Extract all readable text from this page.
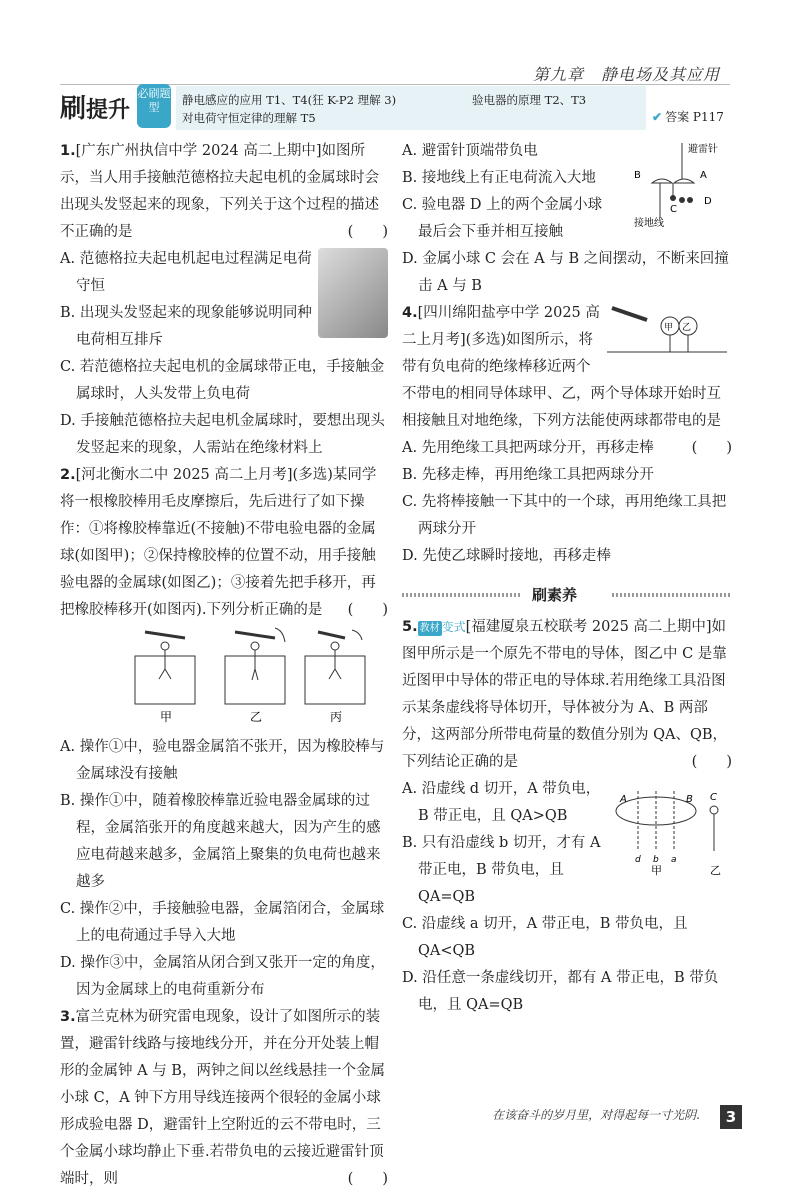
第九章　静电场及其应用
刷提升
必刷题型
静电感应的应用 T1、T4(狂 K-P2 理解 3)
对电荷守恒定律的理解 T5
验电器的原理 T2、T3
✔ 答案 P117

1.[广东广州执信中学 2024 高二上期中]如图所示，当人用手接触范德格拉夫起电机的金属球时会出现头发竖起来的现象，下列关于这个过程的描述不正确的是	(　　)

A. 范德格拉夫起电机起电过程满足电荷守恒

B. 出现头发竖起来的现象能够说明同种电荷相互排斥

C. 若范德格拉夫起电机的金属球带正电，手接触金属球时，人头发带上负电荷

D. 手接触范德格拉夫起电机金属球时，要想出现头发竖起来的现象，人需站在绝缘材料上

2.[河北衡水二中 2025 高二上月考](多选)某同学将一根橡胶棒用毛皮摩擦后，先后进行了如下操作：①将橡胶棒靠近(不接触)不带电验电器的金属球(如图甲)；②保持橡胶棒的位置不动，用手接触验电器的金属球(如图乙)；③接着先把手移开，再把橡胶棒移开(如图丙).下列分析正确的是 (　　)

甲	乙	丙

A. 操作①中，验电器金属箔不张开，因为橡胶棒与金属球没有接触

B. 操作①中，随着橡胶棒靠近验电器金属球的过程，金属箔张开的角度越来越大，因为产生的感应电荷越来越多，金属箔上聚集的负电荷也越来越多

C. 操作②中，手接触验电器，金属箔闭合，金属球上的电荷通过手导入大地

D. 操作③中，金属箔从闭合到又张开一定的角度，因为金属球上的电荷重新分布

3.富兰克林为研究雷电现象，设计了如图所示的装置，避雷针线路与接地线分开，并在分开处装上帽形的金属钟 A 与 B，两钟之间以丝线悬挂一个金属小球 C，A 钟下方用导线连接两个很轻的金属小球形成验电器 D，避雷针上空附近的云不带电时，三个金属小球均静止下垂.若带负电的云接近避雷针顶端时，则	(　　)

避雷针
B	A
C
D
接地线

A. 避雷针顶端带负电

B. 接地线上有正电荷流入大地

C. 验电器 D 上的两个金属小球最后会下垂并相互接触

D. 金属小球 C 会在 A 与 B 之间摆动，不断来回撞击 A 与 B

甲 乙

4.[四川绵阳盐亭中学 2025 高二上月考](多选)如图所示，将带有负电荷的绝缘棒移近两个不带电的相同导体球甲、乙，两个导体球开始时互相接触且对地绝缘，下列方法能使两球都带电的是
(　　)

A. 先用绝缘工具把两球分开，再移走棒

B. 先移走棒，再用绝缘工具把两球分开

C. 先将棒接触一下其中的一个球，再用绝缘工具把两球分开

D. 先使乙球瞬时接地，再移走棒

刷素养

5. 教材 变式[福建厦泉五校联考 2025 高二上期中]如图甲所示是一个原先不带电的导体，图乙中 C 是靠近图甲中导体的带正电的导体球.若用绝缘工具沿图示某条虚线将导体切开，导体被分为 A、B 两部分，这两部分所带电荷量的数值分别为 QA、QB，下列结论正确的是	(　　)

A	B C
d b a
甲	乙

A. 沿虚线 d 切开，A 带负电，B 带正电，且 QA>QB

B. 只有沿虚线 b 切开，才有 A 带正电，B 带负电，且 QA=QB

C. 沿虚线 a 切开，A 带正电，B 带负电，且 QA<QB

D. 沿任意一条虚线切开，都有 A 带正电，B 带负电，且 QA=QB

在该奋斗的岁月里，对得起每一寸光阴.	3
